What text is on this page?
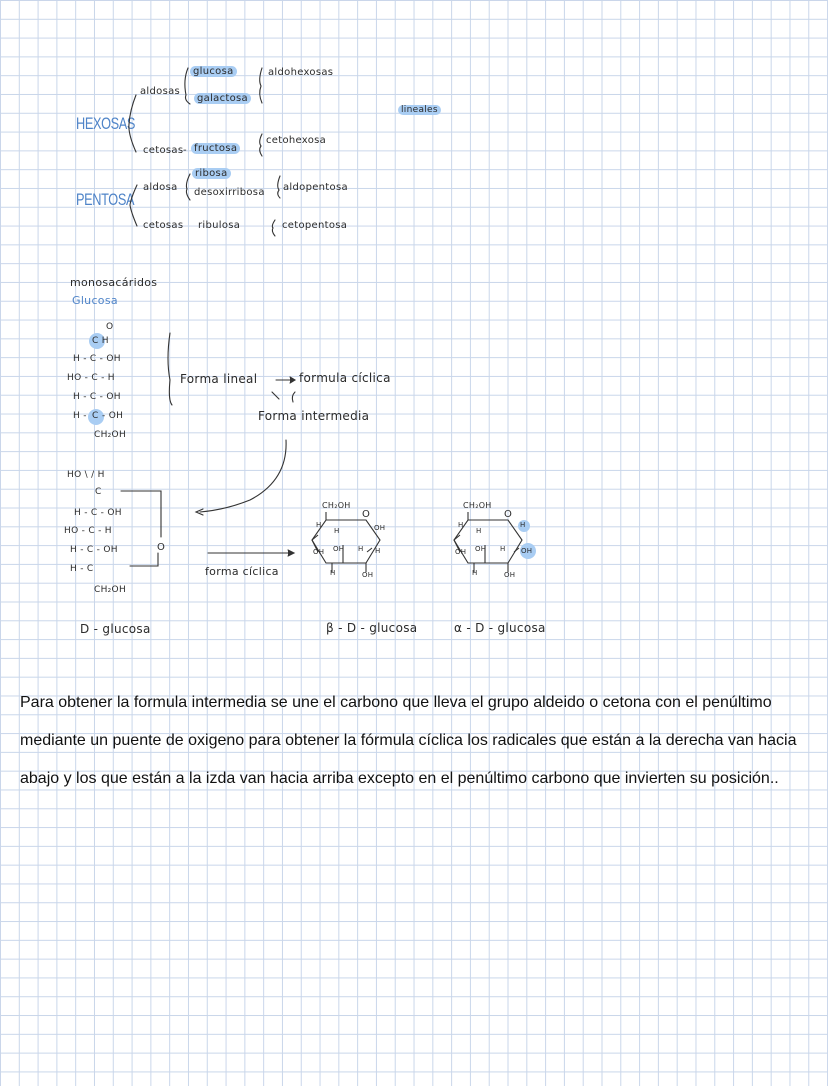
HEXOSAS
PENTOSA
aldosas
glucosa
galactosa
aldohexosas
lineales
cetosas - fructosa
cetohexosa
ribosa
aldosa desoxirribosa aldopentosa
cetosas ribulosa	cetopentosa
monosacáridos
Glucosa
O
C H
H - C - OH
HO - C - H
H - C - OH
H - C - OH
CH₂OH
Forma lineal	formula cíclica
Forma intermedia
HO \ / H
C
H - C - OH
HO - C - H
H - C - OH
H - C
CH₂OH
O
forma cíclica
CH₂OH
O
H
H	OH
OH OH H H
H	OH
CH₂OH
O
H
H
H
OH OH H OH
H	OH
D - glucosa	β - D - glucosa	α - D - glucosa
Para obtener la formula intermedia se une el carbono que lleva el grupo aldeido o cetona con el penúltimo mediante un puente de oxigeno para obtener la fórmula cíclica los radicales que están a la derecha van hacia abajo y los que están a la izda van hacia arriba excepto en el penúltimo carbono que invierten su posición..
